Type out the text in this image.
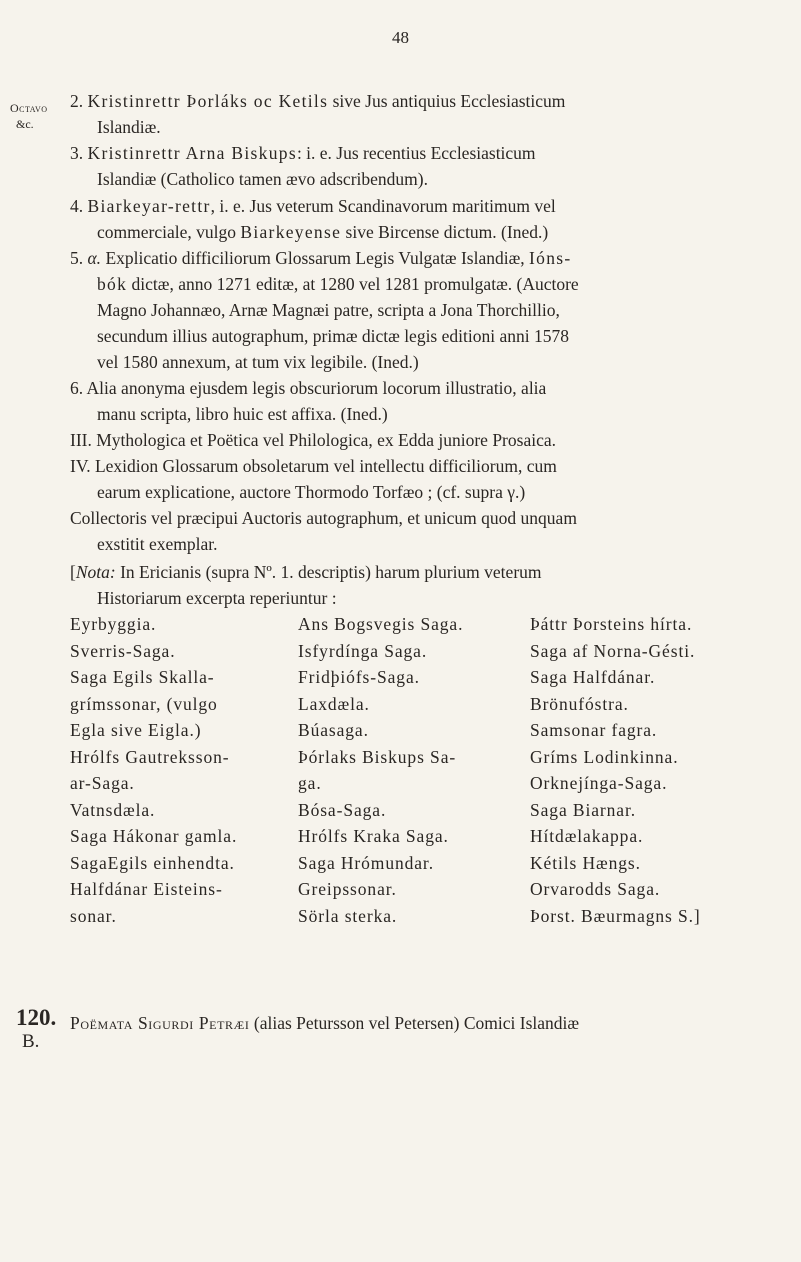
48
Octavo
&c.
2. Kristinrettr Þorláks oc Ketils sive Jus antiquius Ecclesiasticum
Islandiæ.
3. Kristinrettr Arna Biskups: i. e. Jus recentius Ecclesiasticum
Islandiæ (Catholico tamen ævo adscribendum).
4. Biarkeyar-rettr, i. e. Jus veterum Scandinavorum maritimum vel
commerciale, vulgo Biarkeyense sive Bircense dictum. (Ined.)
5. α. Explicatio difficiliorum Glossarum Legis Vulgatæ Islandiæ, Ións-
bók dictæ, anno 1271 editæ, at 1280 vel 1281 promulgatæ. (Auctore
Magno Johannæo, Arnæ Magnæi patre, scripta a Jona Thorchillio,
secundum illius autographum, primæ dictæ legis editioni anni 1578
vel 1580 annexum, at tum vix legibile. (Ined.)
6. Alia anonyma ejusdem legis obscuriorum locorum illustratio, alia
manu scripta, libro huic est affixa. (Ined.)
III. Mythologica et Poëtica vel Philologica, ex Edda juniore Prosaica.
IV. Lexidion Glossarum obsoletarum vel intellectu difficiliorum, cum
earum explicatione, auctore Thormodo Torfæo ; (cf. supra γ.)
Collectoris vel præcipui Auctoris autographum, et unicum quod unquam
exstitit exemplar.
[Nota: In Ericianis (supra Nº. 1. descriptis) harum plurium veterum
Historiarum excerpta reperiuntur :
Eyrbyggia.
Sverris-Saga.
Saga Egils Skalla-
grímssonar, (vulgo
Egla sive Eigla.)
Hrólfs Gautreksson-
ar-Saga.
Vatnsdæla.
Saga Hákonar gamla.
SagaEgils einhendta.
Halfdánar Eisteins-
sonar.
Ans Bogsvegis Saga.
Isfyrdínga Saga.
Fridþiófs-Saga.
Laxdæla.
Búasaga.
Þórlaks Biskups Sa-
ga.
Bósa-Saga.
Hrólfs Kraka Saga.
Saga Hrómundar.
Greipssonar.
Sörla sterka.
Þáttr Þorsteins hírta.
Saga af Norna-Gésti.
Saga Halfdánar.
Brönufóstra.
Samsonar fagra.
Gríms Lodinkinna.
Orknejínga-Saga.
Saga Biarnar.
Hítdælakappa.
Kétils Hængs.
Orvarodds Saga.
Þorst. Bæurmagns S.]
120.
B.
Poëmata Sigurdi Petræi (alias Petursson vel Petersen) Comici Islandiæ
